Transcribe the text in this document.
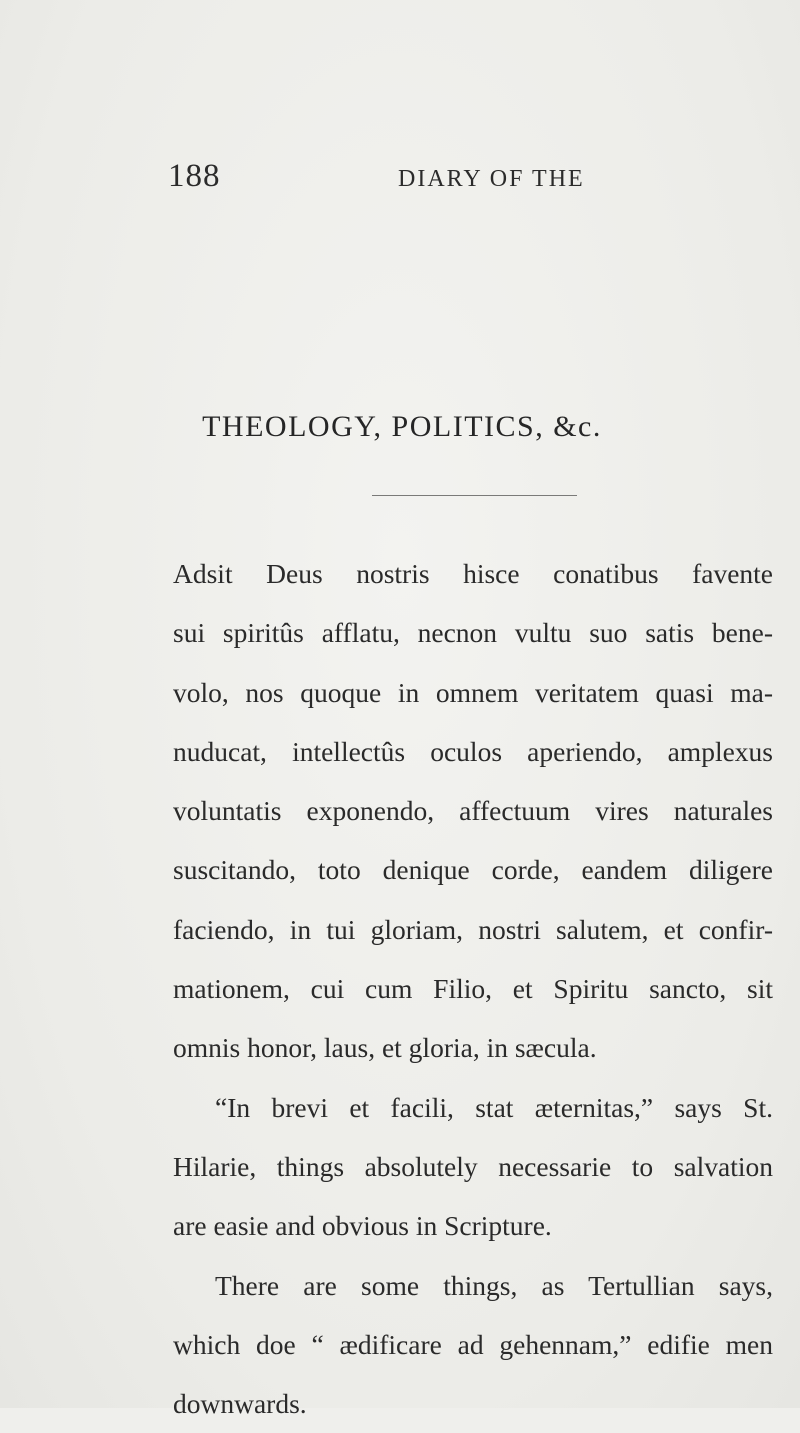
188	DIARY OF THE
THEOLOGY, POLITICS, &c.
Adsit Deus nostris hisce conatibus favente
sui spiritûs afflatu, necnon vultu suo satis bene-
volo, nos quoque in omnem veritatem quasi ma-
nuducat, intellectûs oculos aperiendo, amplexus
voluntatis exponendo, affectuum vires naturales
suscitando, toto denique corde, eandem diligere
faciendo, in tui gloriam, nostri salutem, et confir-
mationem, cui cum Filio, et Spiritu sancto, sit
omnis honor, laus, et gloria, in sæcula.
“In brevi et facili, stat æternitas,” says St.
Hilarie, things absolutely necessarie to salvation
are easie and obvious in Scripture.
There are some things, as Tertullian says,
which doe “ ædificare ad gehennam,” edifie men
downwards.
